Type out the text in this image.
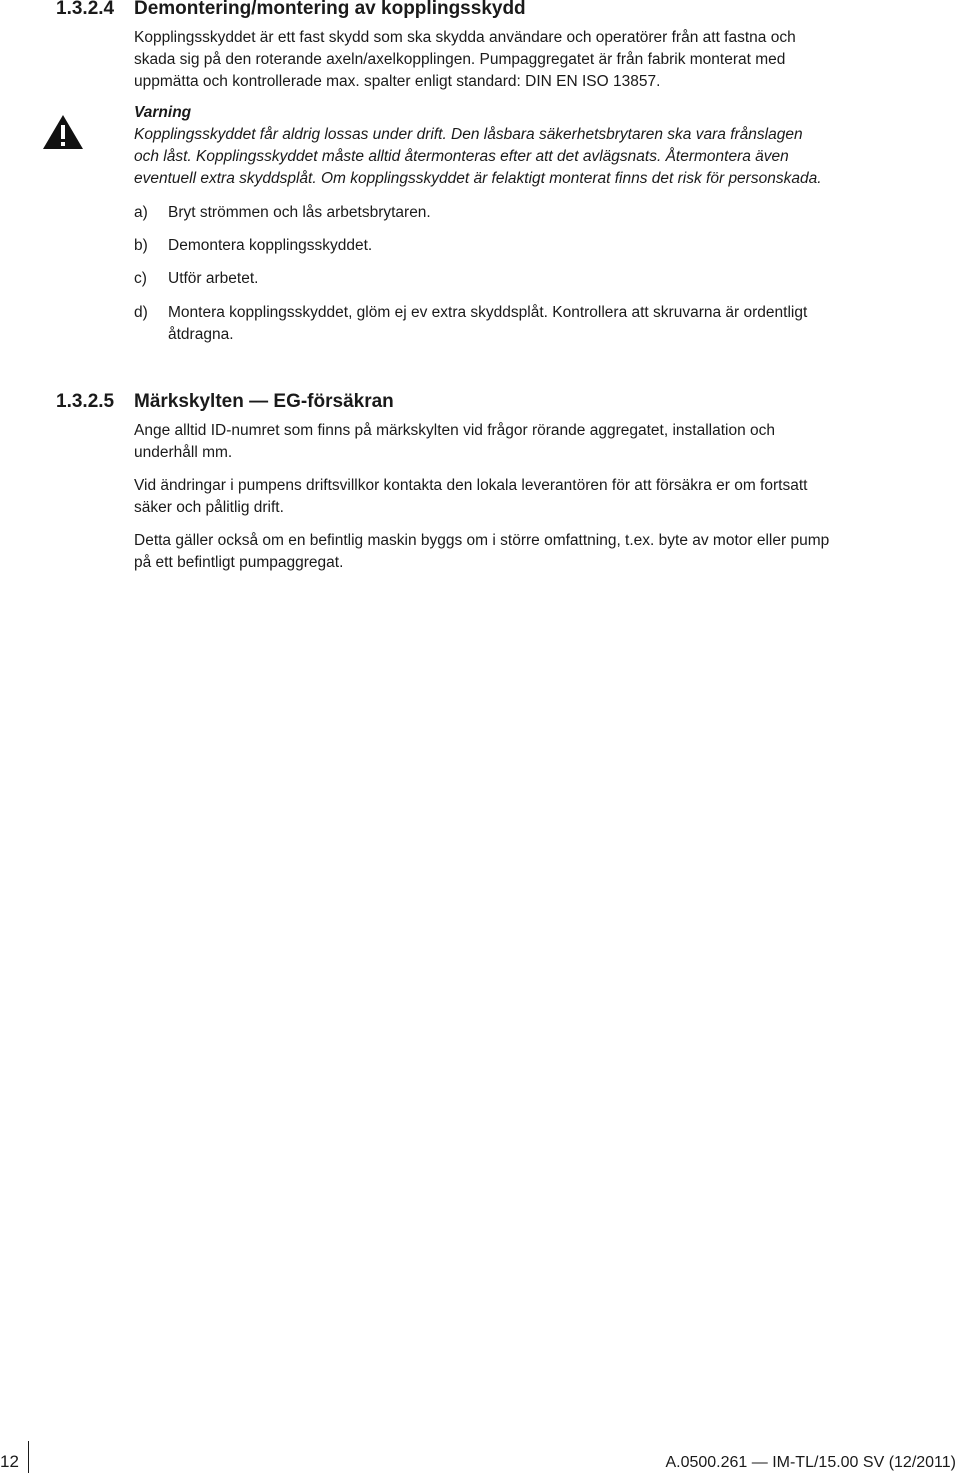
1.3.2.4 Demontering/montering av kopplingsskydd
Kopplingsskyddet är ett fast skydd som ska skydda användare och operatörer från att fastna och
skada sig på den roterande axeln/axelkopplingen. Pumpaggregatet är från fabrik monterat med
uppmätta och kontrollerade max. spalter enligt standard: DIN EN ISO 13857.
Varning
Kopplingsskyddet får aldrig lossas under drift. Den låsbara säkerhetsbrytaren ska vara frånslagen
och låst. Kopplingsskyddet måste alltid återmonteras efter att det avlägsnats. Återmontera även
eventuell extra skyddsplåt. Om kopplingsskyddet är felaktigt monterat finns det risk för personskada.
a) Bryt strömmen och lås arbetsbrytaren.
b) Demontera kopplingsskyddet.
c) Utför arbetet.
d) Montera kopplingsskyddet, glöm ej ev extra skyddsplåt. Kontrollera att skruvarna är ordentligt
åtdragna.
1.3.2.5 Märkskylten — EG-försäkran
Ange alltid ID-numret som finns på märkskylten vid frågor rörande aggregatet, installation och
underhåll mm.
Vid ändringar i pumpens driftsvillkor kontakta den lokala leverantören för att försäkra er om fortsatt
säker och pålitlig drift.
Detta gäller också om en befintlig maskin byggs om i större omfattning, t.ex. byte av motor eller pump
på ett befintligt pumpaggregat.
12	A.0500.261 — IM-TL/15.00 SV (12/2011)
